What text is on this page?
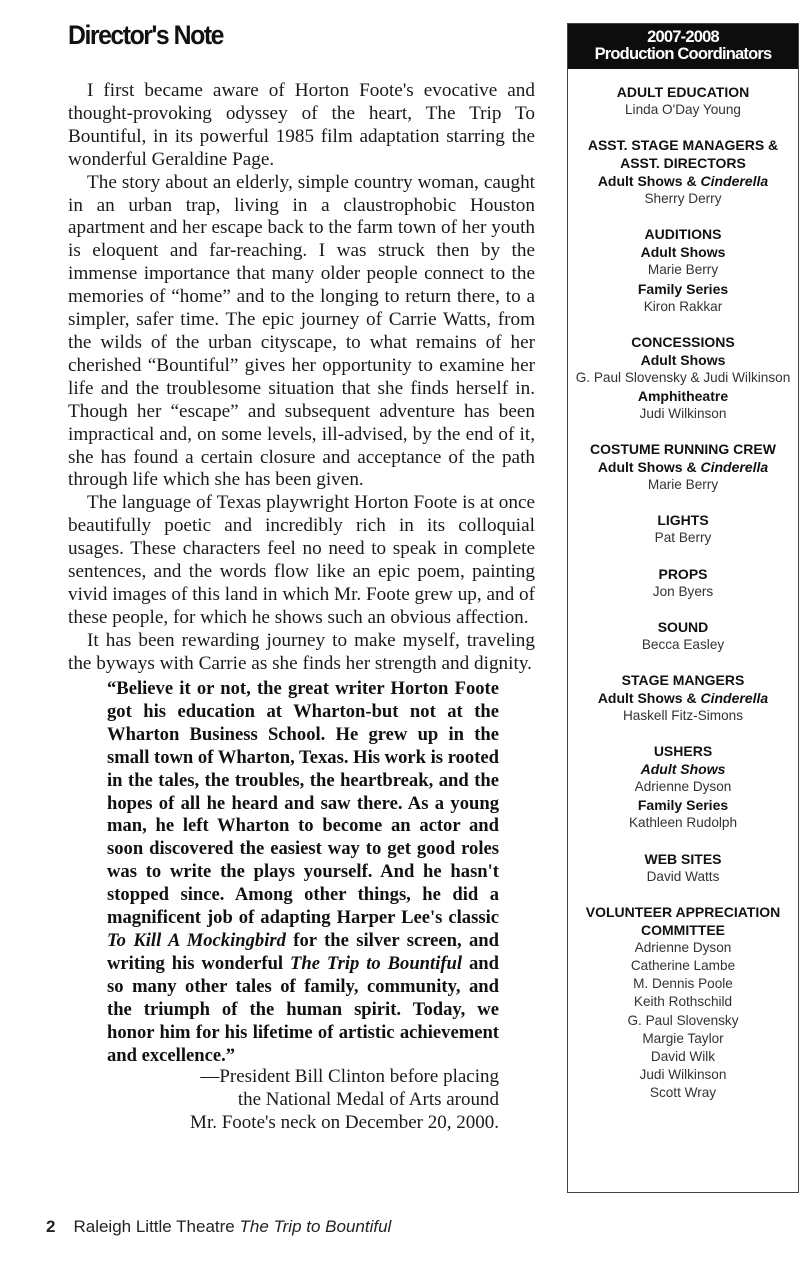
Director's Note

I first became aware of Horton Foote's evocative and thought-provoking odyssey of the heart, The Trip To Bountiful, in its powerful 1985 film adaptation starring the wonderful Geraldine Page.

The story about an elderly, simple country woman, caught in an urban trap, living in a claustrophobic Houston apartment and her escape back to the farm town of her youth is eloquent and far-reaching. I was struck then by the immense importance that many older people connect to the memories of “home” and to the longing to return there, to a simpler, safer time. The epic journey of Carrie Watts, from the wilds of the urban cityscape, to what remains of her cherished “Bountiful” gives her opportunity to examine her life and the troublesome situation that she finds herself in. Though her “escape” and subsequent adventure has been impractical and, on some levels, ill-advised, by the end of it, she has found a certain closure and acceptance of the path through life which she has been given.

The language of Texas playwright Horton Foote is at once beautifully poetic and incredibly rich in its colloquial usages. These characters feel no need to speak in complete sentences, and the words flow like an epic poem, painting vivid images of this land in which Mr. Foote grew up, and of these people, for which he shows such an obvious affection.

It has been rewarding journey to make myself, traveling the byways with Carrie as she finds her strength and dignity.

“Believe it or not, the great writer Horton Foote got his education at Wharton-but not at the Wharton Business School. He grew up in the small town of Wharton, Texas. His work is rooted in the tales, the troubles, the heartbreak, and the hopes of all he heard and saw there. As a young man, he left Wharton to become an actor and soon discovered the easiest way to get good roles was to write the plays yourself. And he hasn't stopped since. Among other things, he did a magnificent job of adapting Harper Lee's classic To Kill A Mockingbird for the silver screen, and writing his wonderful The Trip to Bountiful and so many other tales of family, community, and the triumph of the human spirit. Today, we honor him for his lifetime of artistic achievement and excellence.”
—President Bill Clinton before placing
the National Medal of Arts around
Mr. Foote's neck on December 20, 2000.
2 Raleigh Little Theatre The Trip to Bountiful
2007-2008
Production Coordinators
ADULT EDUCATION
Linda O'Day Young
ASST. STAGE MANAGERS &
ASST. DIRECTORS
Adult Shows & Cinderella
Sherry Derry
AUDITIONS
Adult Shows
Marie Berry
Family Series
Kiron Rakkar
CONCESSIONS
Adult Shows
G. Paul Slovensky & Judi Wilkinson
Amphitheatre
Judi Wilkinson
COSTUME RUNNING CREW
Adult Shows & Cinderella
Marie Berry
LIGHTS
Pat Berry
PROPS
Jon Byers
SOUND
Becca Easley
STAGE MANGERS
Adult Shows & Cinderella
Haskell Fitz-Simons
USHERS
Adult Shows
Adrienne Dyson
Family Series
Kathleen Rudolph
WEB SITES
David Watts
VOLUNTEER APPRECIATION
COMMITTEE
Adrienne Dyson
Catherine Lambe
M. Dennis Poole
Keith Rothschild
G. Paul Slovensky
Margie Taylor
David Wilk
Judi Wilkinson
Scott Wray
